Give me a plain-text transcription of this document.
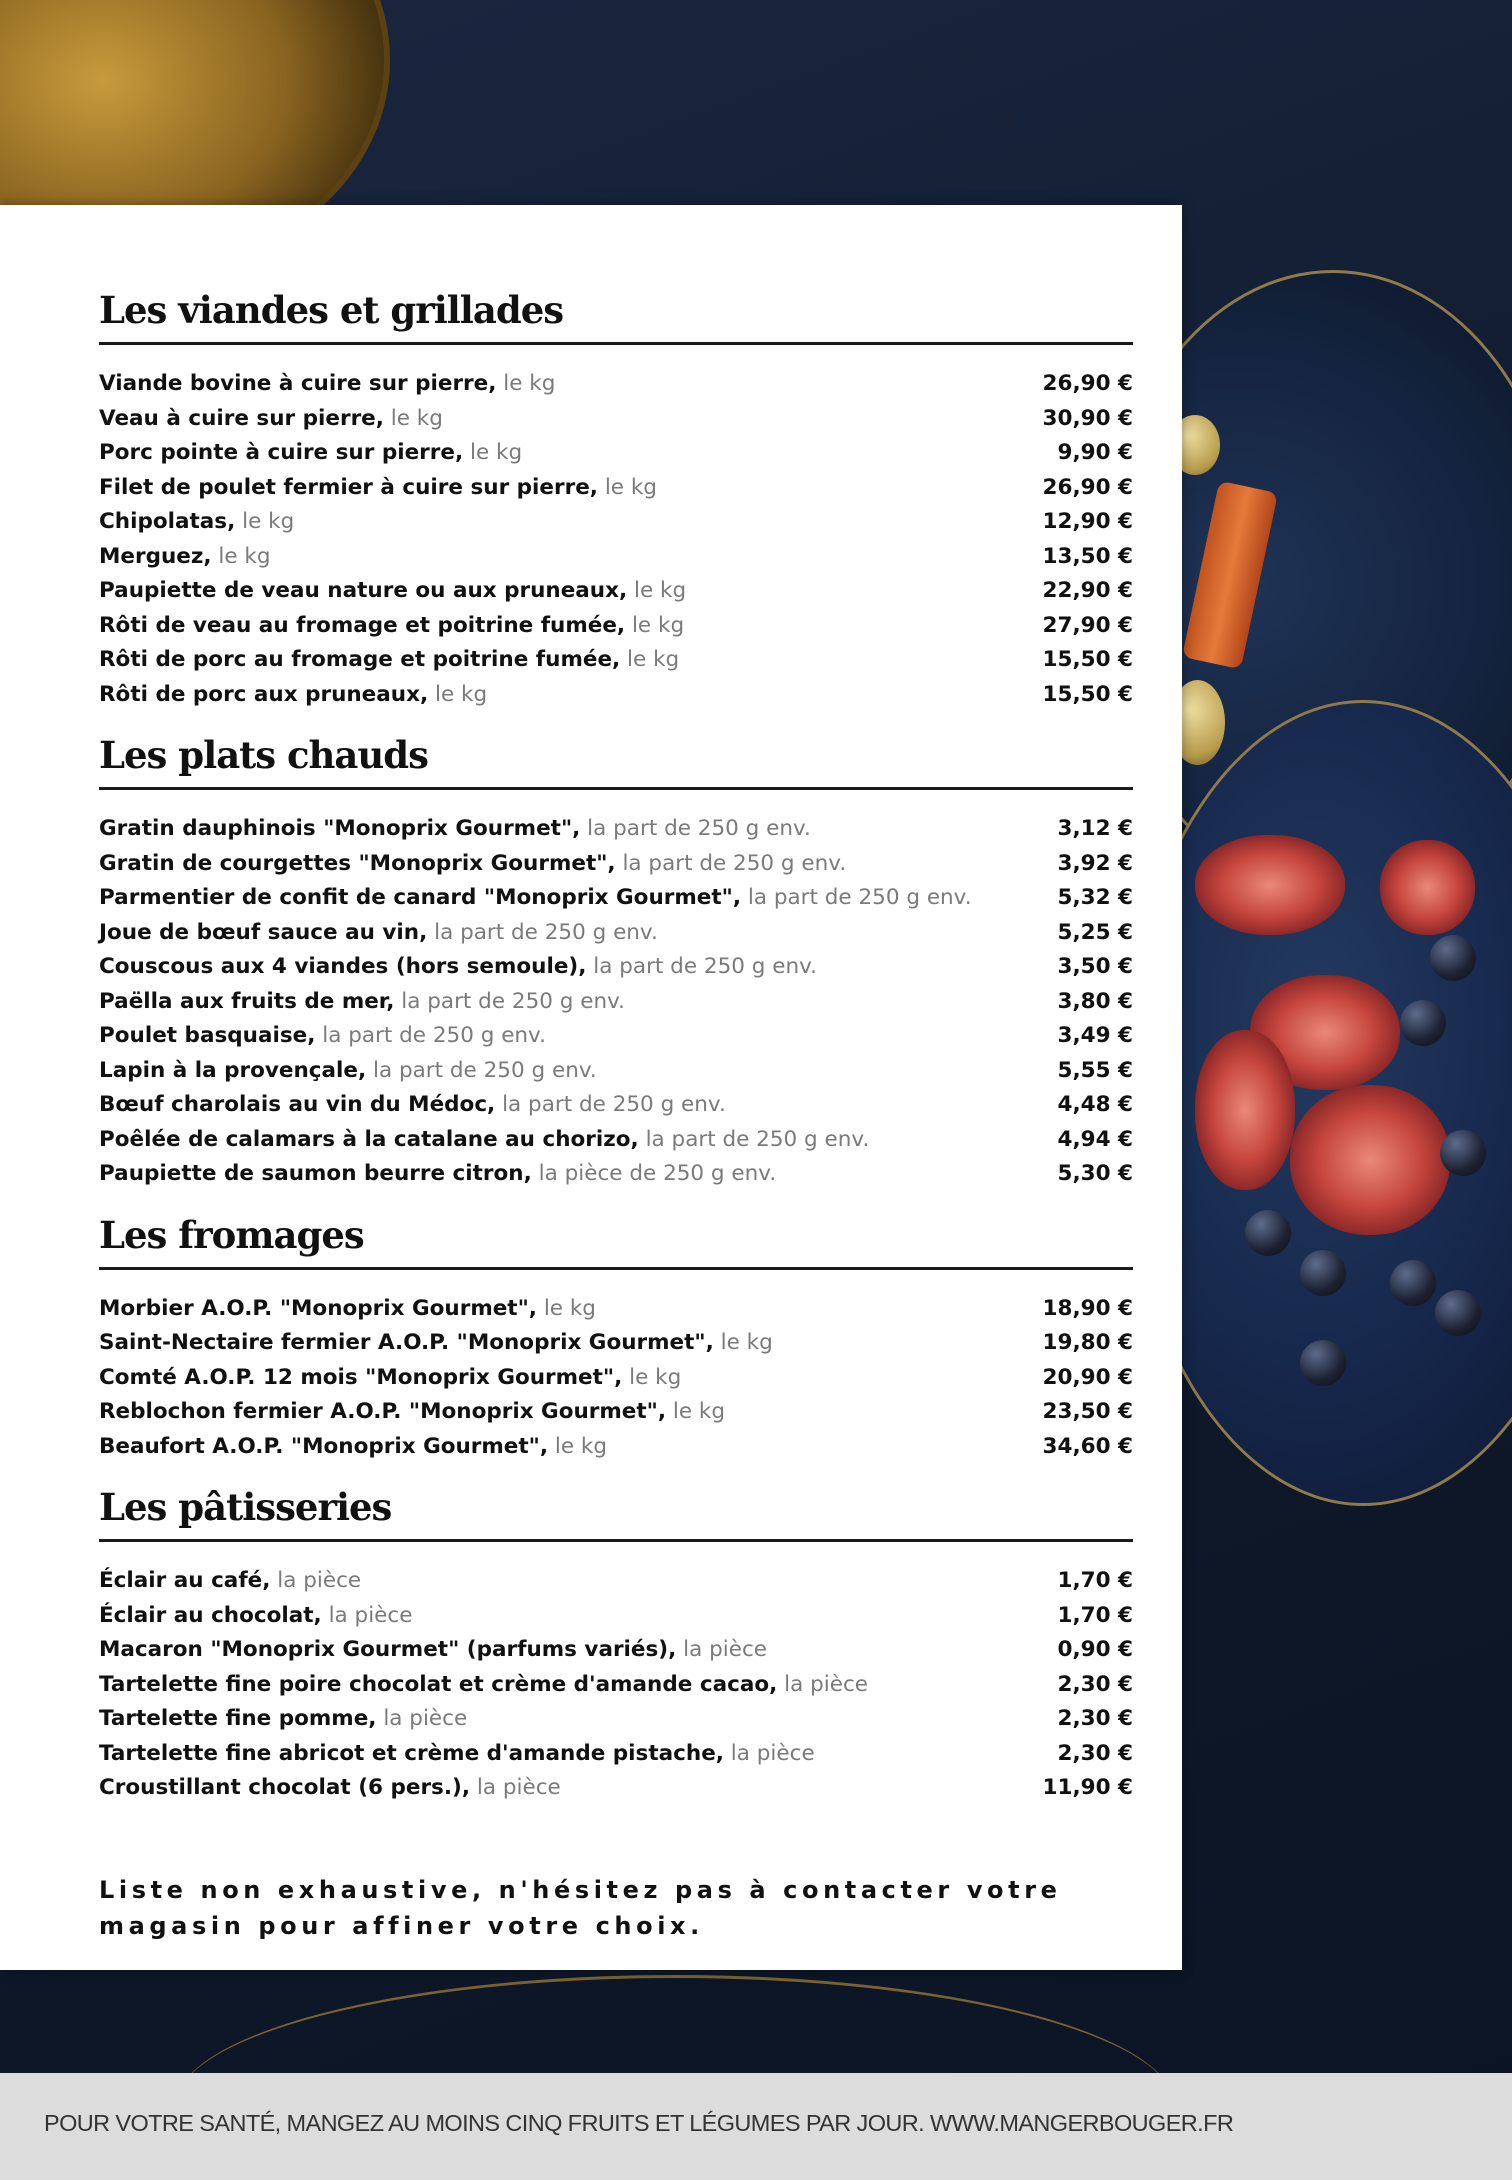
Les viandes et grillades
Viande bovine à cuire sur pierre, le kg	26,90 €
Veau à cuire sur pierre, le kg	30,90 €
Porc pointe à cuire sur pierre, le kg	9,90 €
Filet de poulet fermier à cuire sur pierre, le kg	26,90 €
Chipolatas, le kg	12,90 €
Merguez, le kg	13,50 €
Paupiette de veau nature ou aux pruneaux, le kg	22,90 €
Rôti de veau au fromage et poitrine fumée, le kg	27,90 €
Rôti de porc au fromage et poitrine fumée, le kg	15,50 €
Rôti de porc aux pruneaux, le kg	15,50 €
Les plats chauds
Gratin dauphinois "Monoprix Gourmet", la part de 250 g env.	3,12 €
Gratin de courgettes "Monoprix Gourmet", la part de 250 g env.	3,92 €
Parmentier de confit de canard "Monoprix Gourmet", la part de 250 g env.	5,32 €
Joue de bœuf sauce au vin, la part de 250 g env.	5,25 €
Couscous aux 4 viandes (hors semoule), la part de 250 g env.	3,50 €
Paëlla aux fruits de mer, la part de 250 g env.	3,80 €
Poulet basquaise, la part de 250 g env.	3,49 €
Lapin à la provençale, la part de 250 g env.	5,55 €
Bœuf charolais au vin du Médoc, la part de 250 g env.	4,48 €
Poêlée de calamars à la catalane au chorizo, la part de 250 g env.	4,94 €
Paupiette de saumon beurre citron, la pièce de 250 g env.	5,30 €
Les fromages
Morbier A.O.P. "Monoprix Gourmet", le kg	18,90 €
Saint-Nectaire fermier A.O.P. "Monoprix Gourmet", le kg	19,80 €
Comté A.O.P. 12 mois "Monoprix Gourmet", le kg	20,90 €
Reblochon fermier A.O.P. "Monoprix Gourmet", le kg	23,50 €
Beaufort A.O.P. "Monoprix Gourmet", le kg	34,60 €
Les pâtisseries
Éclair au café, la pièce	1,70 €
Éclair au chocolat, la pièce	1,70 €
Macaron "Monoprix Gourmet" (parfums variés), la pièce	0,90 €
Tartelette fine poire chocolat et crème d'amande cacao, la pièce	2,30 €
Tartelette fine pomme, la pièce	2,30 €
Tartelette fine abricot et crème d'amande pistache, la pièce	2,30 €
Croustillant chocolat (6 pers.), la pièce	11,90 €

Liste non exhaustive, n'hésitez pas à contacter votre magasin pour affiner votre choix.

POUR VOTRE SANTÉ, MANGEZ AU MOINS CINQ FRUITS ET LÉGUMES PAR JOUR. WWW.MANGERBOUGER.FR
